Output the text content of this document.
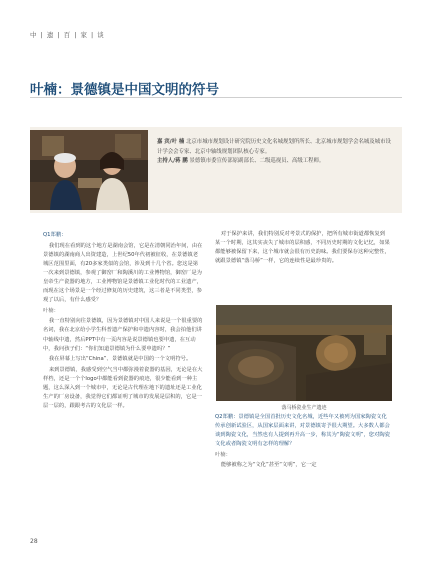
中 | 遗 | 百 | 家 | 谈
叶楠：景德镇是中国文明的符号
嘉 宾/叶 楠 北京市城市规划设计研究院历史文化名城规划所所长、北京城市规划学会名城及城市设计学会会专家、北京中轴线规划团队核心专家。
主持人/蒋 鹏 景德镇市委宣传部原副部长、二级巡视员、高级工程师。

Q1郑鹏：

我们现在看到的这个地方是湖南会馆，它是在清朝同治年间，由在景德镇的湖南商人出资建造，上世纪50年代初被征收，在景德镇老城区范围里面，有20多家类似的会馆，涉及到十几个省。您这是第一次来到景德镇，参观了御窑厂和陶溪川的工业博物馆，御窑厂是为皇帝生产瓷器的地方，工业博物馆是景德镇工业化时代的工业遗产，而现在这个场景是一个经过修复的历史建筑，这三者是不同类型，参观了以后，有什么感受？

叶楠：

我一直特别向往景德镇，因为景德镇对中国人来说是一个很重要的名词，我在北京给小学生科普遗产保护和中遗内容时，我会拍他们讲中轴线中遗，然后PPT中有一页内容是说景德镇也要申遗，在互动中，我问孩子们：“你们知道景德镇为什么要申遗吗？”

我在屏幕上写出“China”、景德镇就是中国的一个文明符号。

来到景德镇，我感受到空气当中都弥漫着瓷器的基因，无论是在大样档，还是一个个logo中都能看到瓷器的痕迹，很少能看到一种主题，这么深入到一个城市中，无论是古代理在地下的遗址还是工业化生产的厂房设备，我觉得它们都证明了城市的发展是层积的，它是一层一层的，跟跟考古的文化层一样。

对于保护来讲，我们特别反对考景式的保护，把所有城市街道都恢复到某一个时期，这其实丧失了城市的层积感，不同历史时期的文化记忆，如果都能够被保留下来，这个城市就会很有历史韵味。我们要保存这种完整性，就跟景德镇“落马桥”一样，它的连续性是最珍贵的。

落马桥瓷业生产遗迹

Q2郑鹏：景德镇是全国首批历史文化名城，近些年又被列为国家陶瓷文化传承创新试验区，从国家层面来讲，对景德镇寄予很大期望。大多数人都会谈到陶瓷文化，当然也有人提到再升高一步，称其为“陶瓷文明”，您对陶瓷文化或者陶瓷文明有怎样的理解？

叶楠：

能够被称之为“文化”甚至“文明”，它一定

28
